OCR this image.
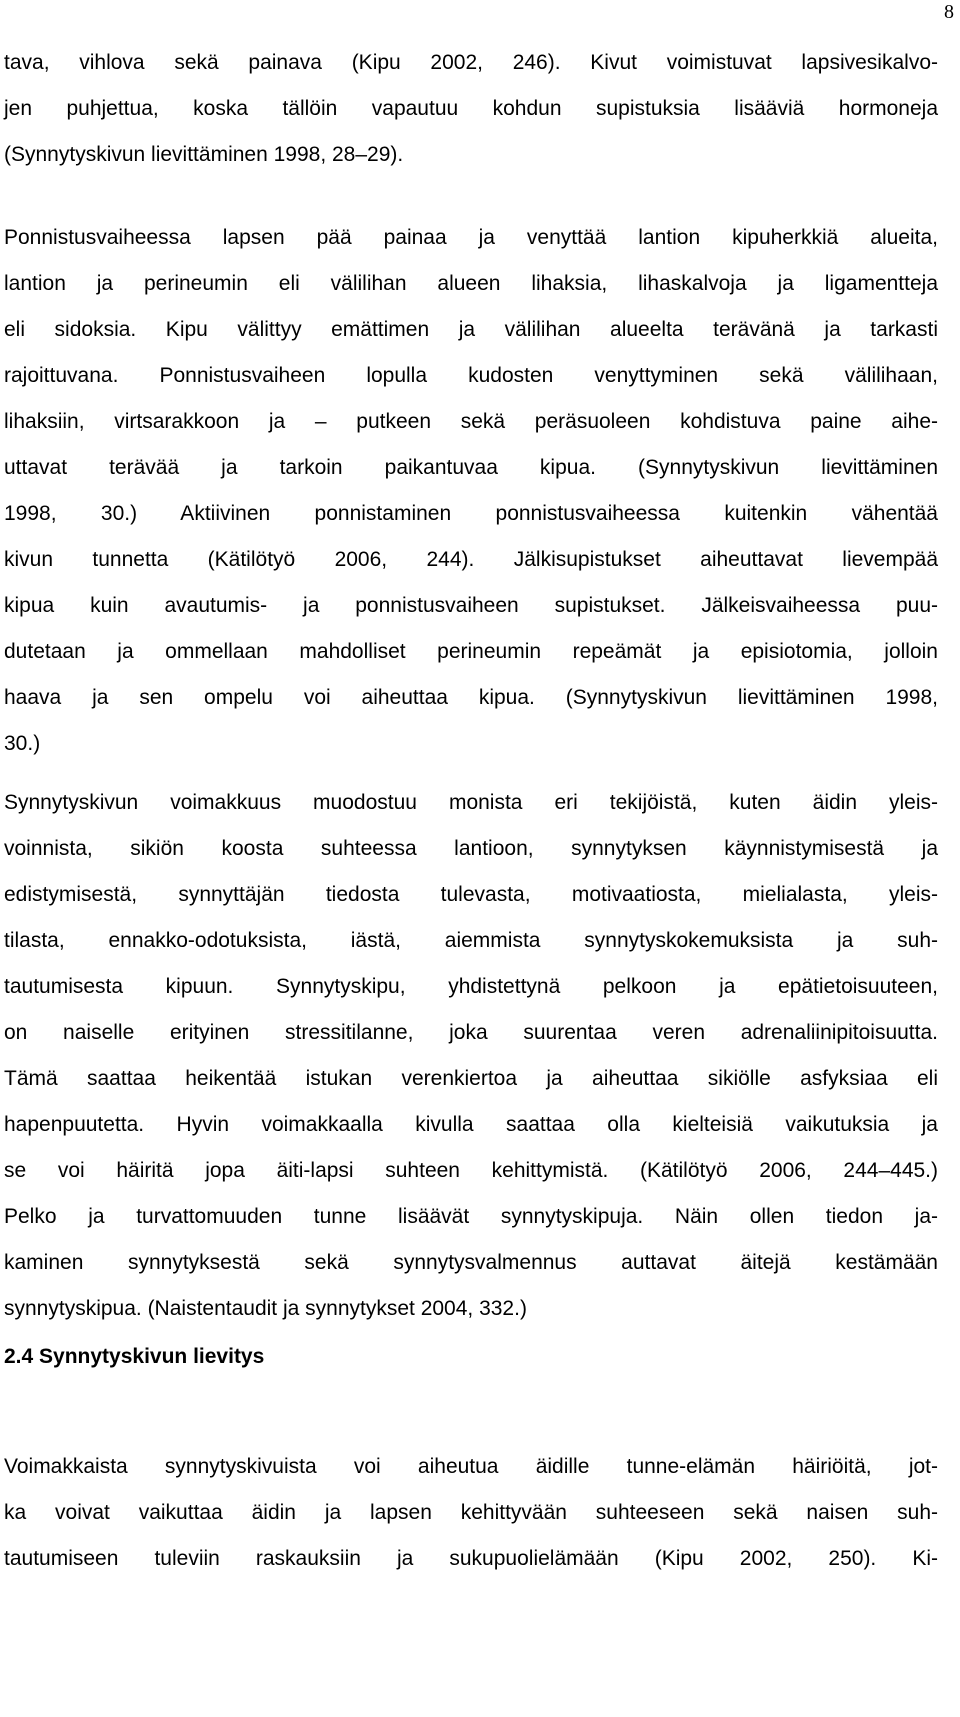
8
tava, vihlova sekä painava (Kipu 2002, 246). Kivut voimistuvat lapsivesikalvo-
jen puhjettua, koska tällöin vapautuu kohdun supistuksia lisääviä hormoneja
(Synnytyskivun lievittäminen 1998, 28–29).
Ponnistusvaiheessa lapsen pää painaa ja venyttää lantion kipuherkkiä alueita,
lantion ja perineumin eli välilihan alueen lihaksia, lihaskalvoja ja ligamentteja
eli sidoksia. Kipu välittyy emättimen ja välilihan alueelta terävänä ja tarkasti
rajoittuvana. Ponnistusvaiheen lopulla kudosten venyttyminen sekä välilihaan,
lihaksiin, virtsarakkoon ja – putkeen sekä peräsuoleen kohdistuva paine aihe-
uttavat terävää ja tarkoin paikantuvaa kipua. (Synnytyskivun lievittäminen
1998, 30.) Aktiivinen ponnistaminen ponnistusvaiheessa kuitenkin vähentää
kivun tunnetta (Kätilötyö 2006, 244). Jälkisupistukset aiheuttavat lievempää
kipua kuin avautumis- ja ponnistusvaiheen supistukset. Jälkeisvaiheessa puu-
dutetaan ja ommellaan mahdolliset perineumin repeämät ja episiotomia, jolloin
haava ja sen ompelu voi aiheuttaa kipua. (Synnytyskivun lievittäminen 1998,
30.)
Synnytyskivun voimakkuus muodostuu monista eri tekijöistä, kuten äidin yleis-
voinnista, sikiön koosta suhteessa lantioon, synnytyksen käynnistymisestä ja
edistymisestä, synnyttäjän tiedosta tulevasta, motivaatiosta, mielialasta, yleis-
tilasta, ennakko-odotuksista, iästä, aiemmista synnytyskokemuksista ja suh-
tautumisesta kipuun. Synnytyskipu, yhdistettynä pelkoon ja epätietoisuuteen,
on naiselle erityinen stressitilanne, joka suurentaa veren adrenaliinipitoisuutta.
Tämä saattaa heikentää istukan verenkiertoa ja aiheuttaa sikiölle asfyksiaa eli
hapenpuutetta. Hyvin voimakkaalla kivulla saattaa olla kielteisiä vaikutuksia ja
se voi häiritä jopa äiti-lapsi suhteen kehittymistä. (Kätilötyö 2006, 244–445.)
Pelko ja turvattomuuden tunne lisäävät synnytyskipuja. Näin ollen tiedon ja-
kaminen synnytyksestä sekä synnytysvalmennus auttavat äitejä kestämään
synnytyskipua. (Naistentaudit ja synnytykset 2004, 332.)
2.4 Synnytyskivun lievitys
Voimakkaista synnytyskivuista voi aiheutua äidille tunne-elämän häiriöitä, jot-
ka voivat vaikuttaa äidin ja lapsen kehittyvään suhteeseen sekä naisen suh-
tautumiseen tuleviin raskauksiin ja sukupuolielämään (Kipu 2002, 250). Ki-
